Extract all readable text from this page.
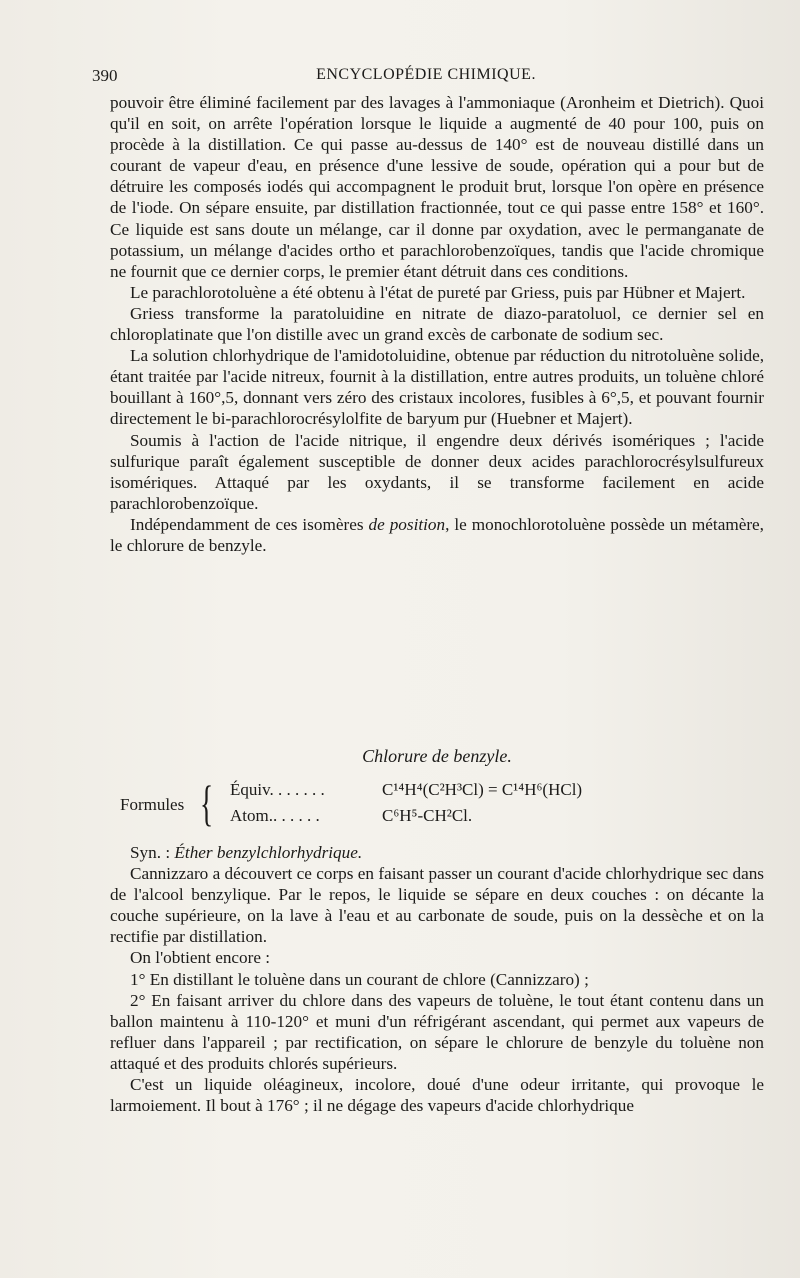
390	ENCYCLOPÉDIE CHIMIQUE.

pouvoir être éliminé facilement par des lavages à l'ammoniaque (Aronheim et Dietrich). Quoi qu'il en soit, on arrête l'opération lorsque le liquide a augmenté de 40 pour 100, puis on procède à la distillation. Ce qui passe au-dessus de 140° est de nouveau distillé dans un courant de vapeur d'eau, en présence d'une lessive de soude, opération qui a pour but de détruire les composés iodés qui accompagnent le produit brut, lorsque l'on opère en présence de l'iode. On sépare ensuite, par distillation fractionnée, tout ce qui passe entre 158° et 160°. Ce liquide est sans doute un mélange, car il donne par oxydation, avec le permanganate de potassium, un mélange d'acides ortho et parachlorobenzoïques, tandis que l'acide chromique ne fournit que ce dernier corps, le premier étant détruit dans ces conditions.

Le parachlorotoluène a été obtenu à l'état de pureté par Griess, puis par Hübner et Majert.

Griess transforme la paratoluidine en nitrate de diazo-paratoluol, ce dernier sel en chloroplatinate que l'on distille avec un grand excès de carbonate de sodium sec.

La solution chlorhydrique de l'amidotoluidine, obtenue par réduction du nitrotoluène solide, étant traitée par l'acide nitreux, fournit à la distillation, entre autres produits, un toluène chloré bouillant à 160°,5, donnant vers zéro des cristaux incolores, fusibles à 6°,5, et pouvant fournir directement le bi-parachlorocrésylolfite de baryum pur (Huebner et Majert).

Soumis à l'action de l'acide nitrique, il engendre deux dérivés isomériques ; l'acide sulfurique paraît également susceptible de donner deux acides parachlorocrésylsulfureux isomériques. Attaqué par les oxydants, il se transforme facilement en acide parachlorobenzoïque.

Indépendamment de ces isomères de position, le monochlorotoluène possède un métamère, le chlorure de benzyle.

Chlorure de benzyle.
Formules { Équiv. . . . . . .	C¹⁴H⁴(C²H³Cl) = C¹⁴H⁶(HCl)
Atom.. . . . . .	C⁶H⁵-CH²Cl.

Syn. : Éther benzylchlorhydrique.

Cannizzaro a découvert ce corps en faisant passer un courant d'acide chlorhydrique sec dans de l'alcool benzylique. Par le repos, le liquide se sépare en deux couches : on décante la couche supérieure, on la lave à l'eau et au carbonate de soude, puis on la dessèche et on la rectifie par distillation.

On l'obtient encore :

1° En distillant le toluène dans un courant de chlore (Cannizzaro) ;

2° En faisant arriver du chlore dans des vapeurs de toluène, le tout étant contenu dans un ballon maintenu à 110-120° et muni d'un réfrigérant ascendant, qui permet aux vapeurs de refluer dans l'appareil ; par rectification, on sépare le chlorure de benzyle du toluène non attaqué et des produits chlorés supérieurs.

C'est un liquide oléagineux, incolore, doué d'une odeur irritante, qui provoque le larmoiement. Il bout à 176° ; il ne dégage des vapeurs d'acide chlorhydrique
